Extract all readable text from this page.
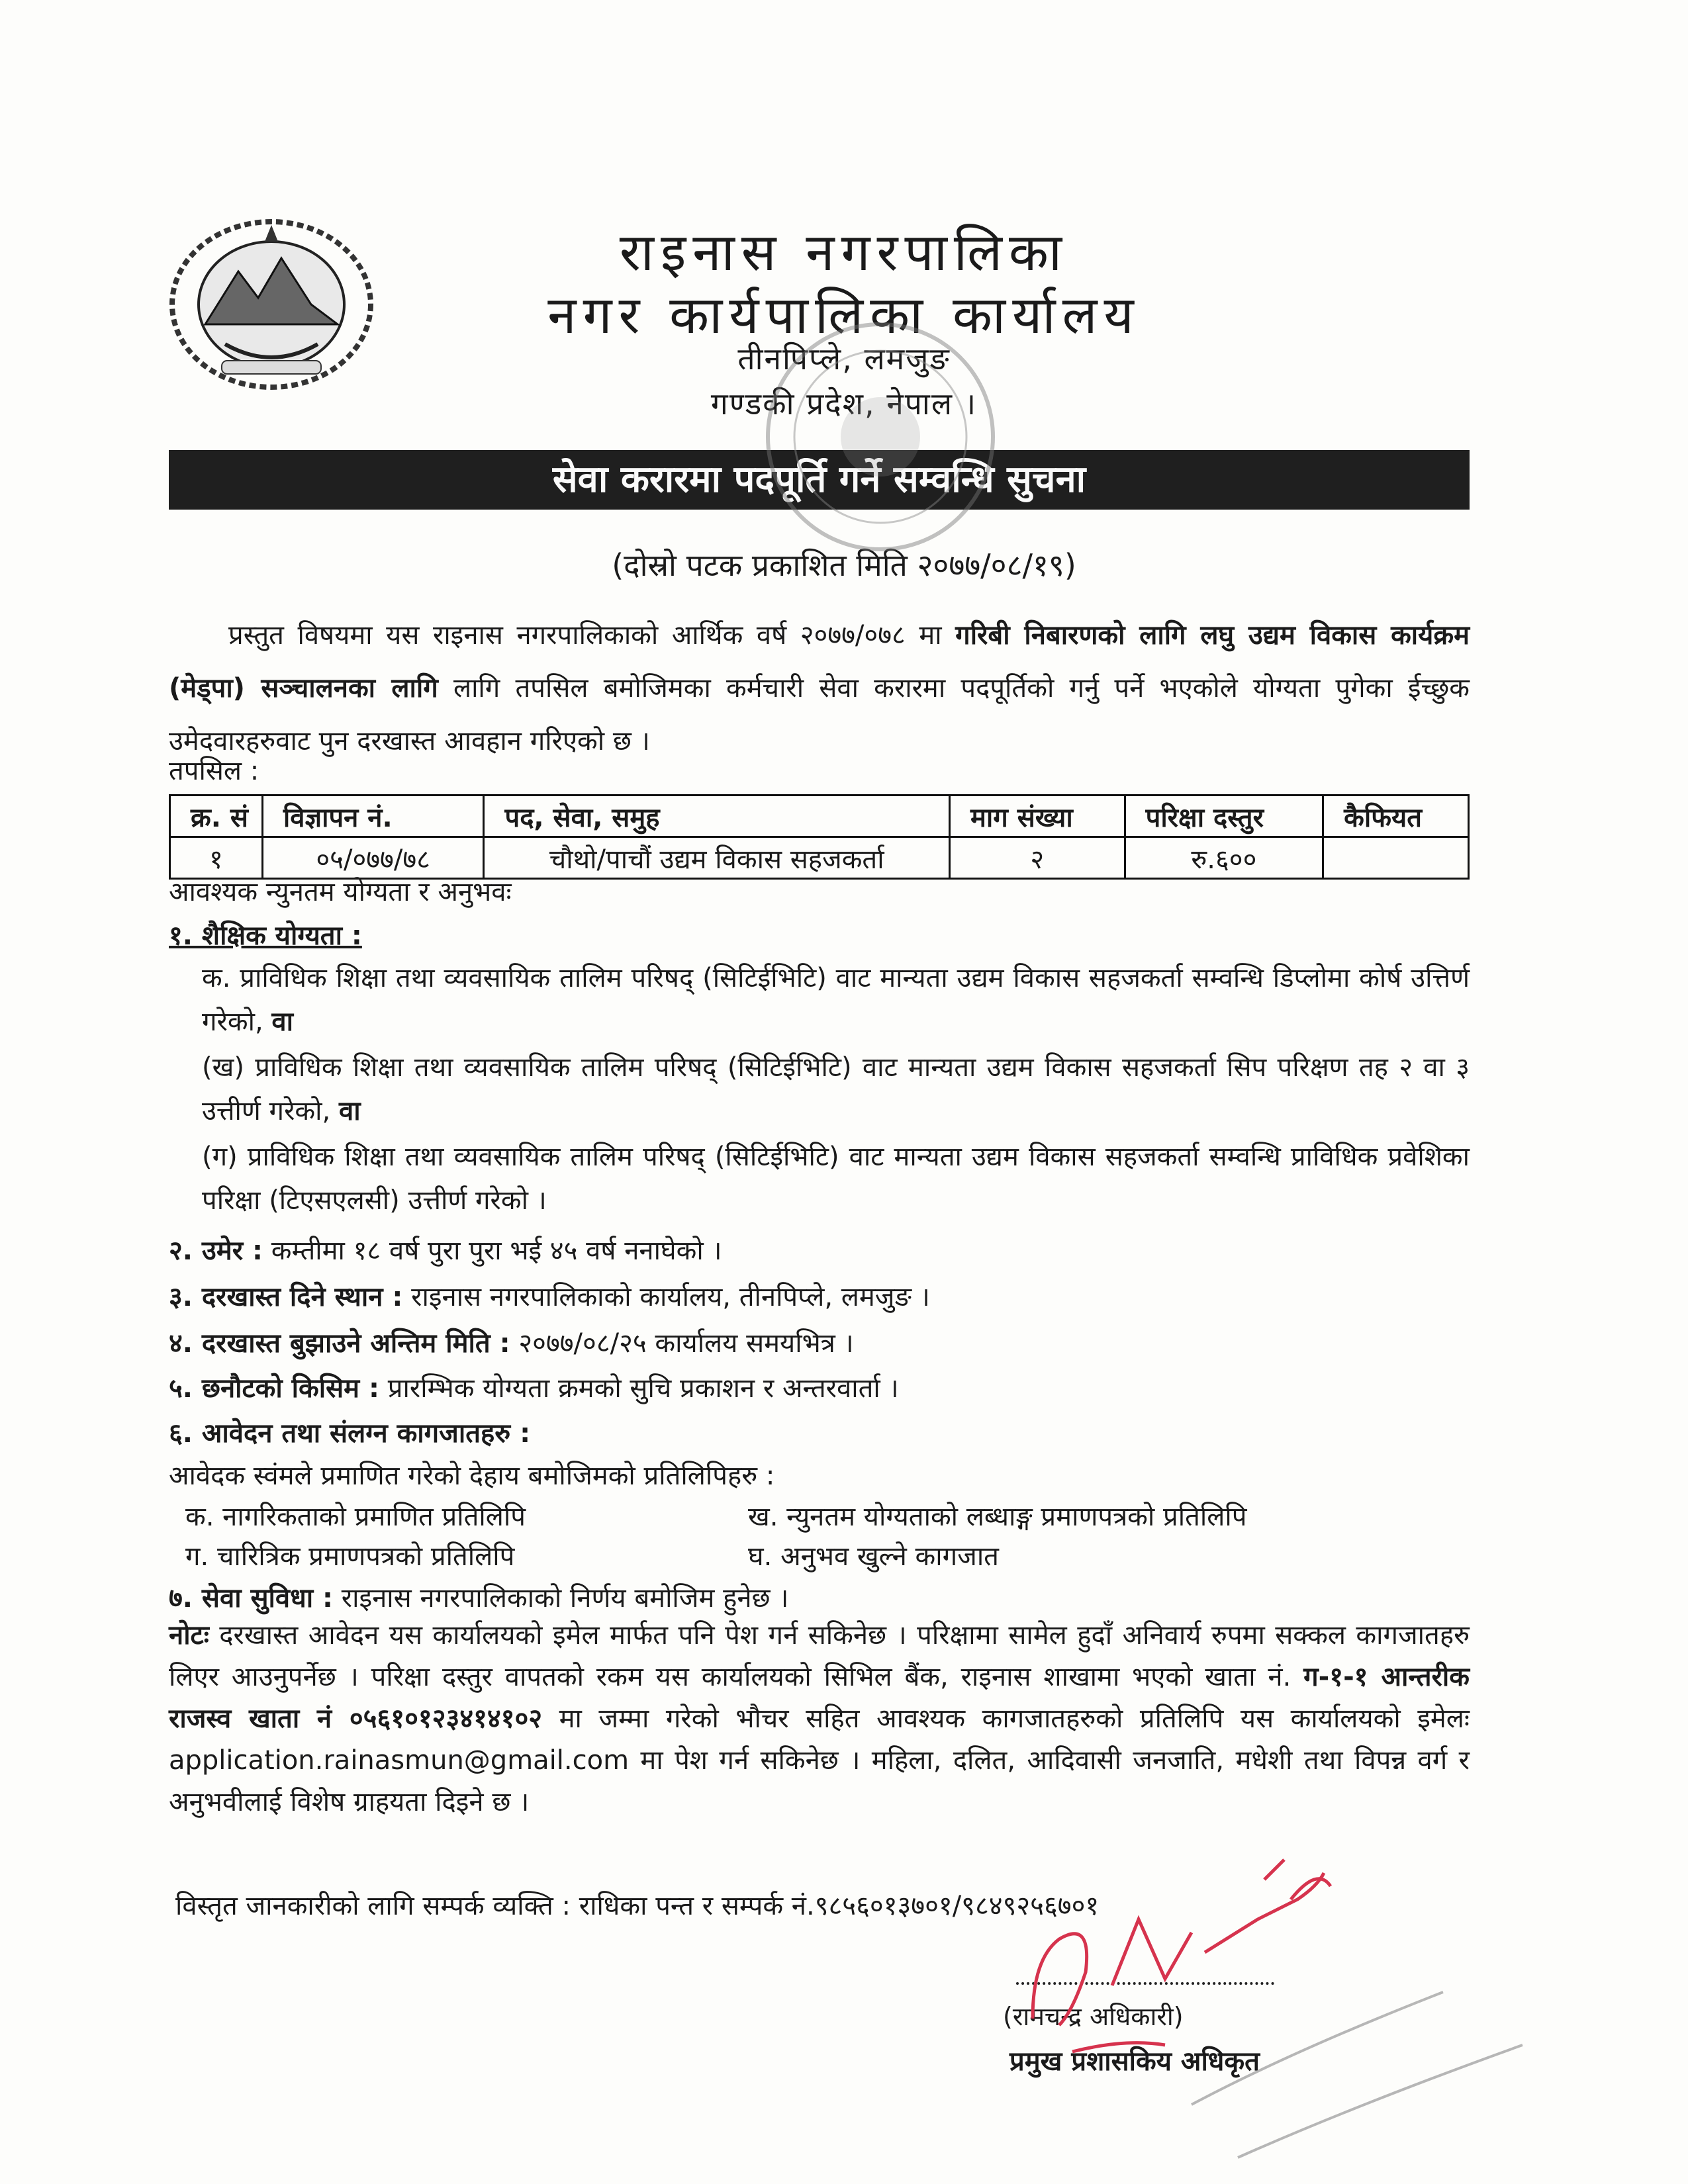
राइनास नगरपालिका
नगर कार्यपालिका कार्यालय
तीनपिप्ले, लमजुङ
गण्डकी प्रदेश, नेपाल ।
सेवा करारमा पदपूर्ति गर्ने सम्वन्धि सुचना
(दोस्रो पटक प्रकाशित मिति २०७७/०८/१९)
प्रस्तुत विषयमा यस राइनास नगरपालिकाको आर्थिक वर्ष २०७७/०७८ मा गरिबी निबारणको लागि लघु उद्यम विकास कार्यक्रम (मेड्पा) सञ्चालनका लागि लागि तपसिल बमोजिमका कर्मचारी सेवा करारमा पदपूर्तिको गर्नु पर्ने भएकोले योग्यता पुगेका ईच्छुक उमेदवारहरुवाट पुन दरखास्त आवहान गरिएको छ ।
तपसिल :
क्र. सं	विज्ञापन नं.	पद, सेवा, समुह	माग संख्या	परिक्षा दस्तुर	कैफियत
१	०५/०७७/७८	चौथो/पाचौं उद्यम विकास सहजकर्ता	२	रु.६००	
आवश्यक न्युनतम योग्यता र अनुभवः
१. शैक्षिक योग्यता :
क. प्राविधिक शिक्षा तथा व्यवसायिक तालिम परिषद् (सिटिईभिटि) वाट मान्यता उद्यम विकास सहजकर्ता सम्वन्धि डिप्लोमा कोर्ष उत्तिर्ण गरेको, वा
(ख) प्राविधिक शिक्षा तथा व्यवसायिक तालिम परिषद् (सिटिईभिटि) वाट मान्यता उद्यम विकास सहजकर्ता सिप परिक्षण तह २ वा ३ उत्तीर्ण गरेको, वा
(ग) प्राविधिक शिक्षा तथा व्यवसायिक तालिम परिषद् (सिटिईभिटि) वाट मान्यता उद्यम विकास सहजकर्ता सम्वन्धि प्राविधिक प्रवेशिका परिक्षा (टिएसएलसी) उत्तीर्ण गरेको ।
२. उमेर : कम्तीमा १८ वर्ष पुरा पुरा भई ४५ वर्ष ननाघेको ।
३. दरखास्त दिने स्थान : राइनास नगरपालिकाको कार्यालय, तीनपिप्ले, लमजुङ ।
४. दरखास्त बुझाउने अन्तिम मिति : २०७७/०८/२५ कार्यालय समयभित्र ।
५. छनौटको किसिम : प्रारम्भिक योग्यता क्रमको सुचि प्रकाशन र अन्तरवार्ता ।
६. आवेदन तथा संलग्न कागजातहरु :
आवेदक स्वंमले प्रमाणित गरेको देहाय बमोजिमको प्रतिलिपिहरु :
क. नागरिकताको प्रमाणित प्रतिलिपि	ख. न्युनतम योग्यताको लब्धाङ्ग प्रमाणपत्रको प्रतिलिपि
ग. चारित्रिक प्रमाणपत्रको प्रतिलिपि	घ. अनुभव खुल्ने कागजात
७. सेवा सुविधा : राइनास नगरपालिकाको निर्णय बमोजिम हुनेछ ।
नोटः दरखास्त आवेदन यस कार्यालयको इमेल मार्फत पनि पेश गर्न सकिनेछ । परिक्षामा सामेल हुदाँ अनिवार्य रुपमा सक्कल कागजातहरु लिएर आउनुपर्नेछ । परिक्षा दस्तुर वापतको रकम यस कार्यालयको सिभिल बैंक, राइनास शाखामा भएको खाता नं. ग-१-१ आन्तरीक राजस्व खाता नं ०५६१०१२३४१४१०२ मा जम्मा गरेको भौचर सहित आवश्यक कागजातहरुको प्रतिलिपि यस कार्यालयको इमेलः application.rainasmun@gmail.com मा पेश गर्न सकिनेछ । महिला, दलित, आदिवासी जनजाति, मधेशी तथा विपन्न वर्ग र अनुभवीलाई विशेष ग्राहयता दिइने छ ।
विस्तृत जानकारीको लागि सम्पर्क व्यक्ति : राधिका पन्त र सम्पर्क नं.९८५६०१३७०१/९८४९२५६७०१
(रामचन्द्र अधिकारी)
प्रमुख प्रशासकिय अधिकृत
